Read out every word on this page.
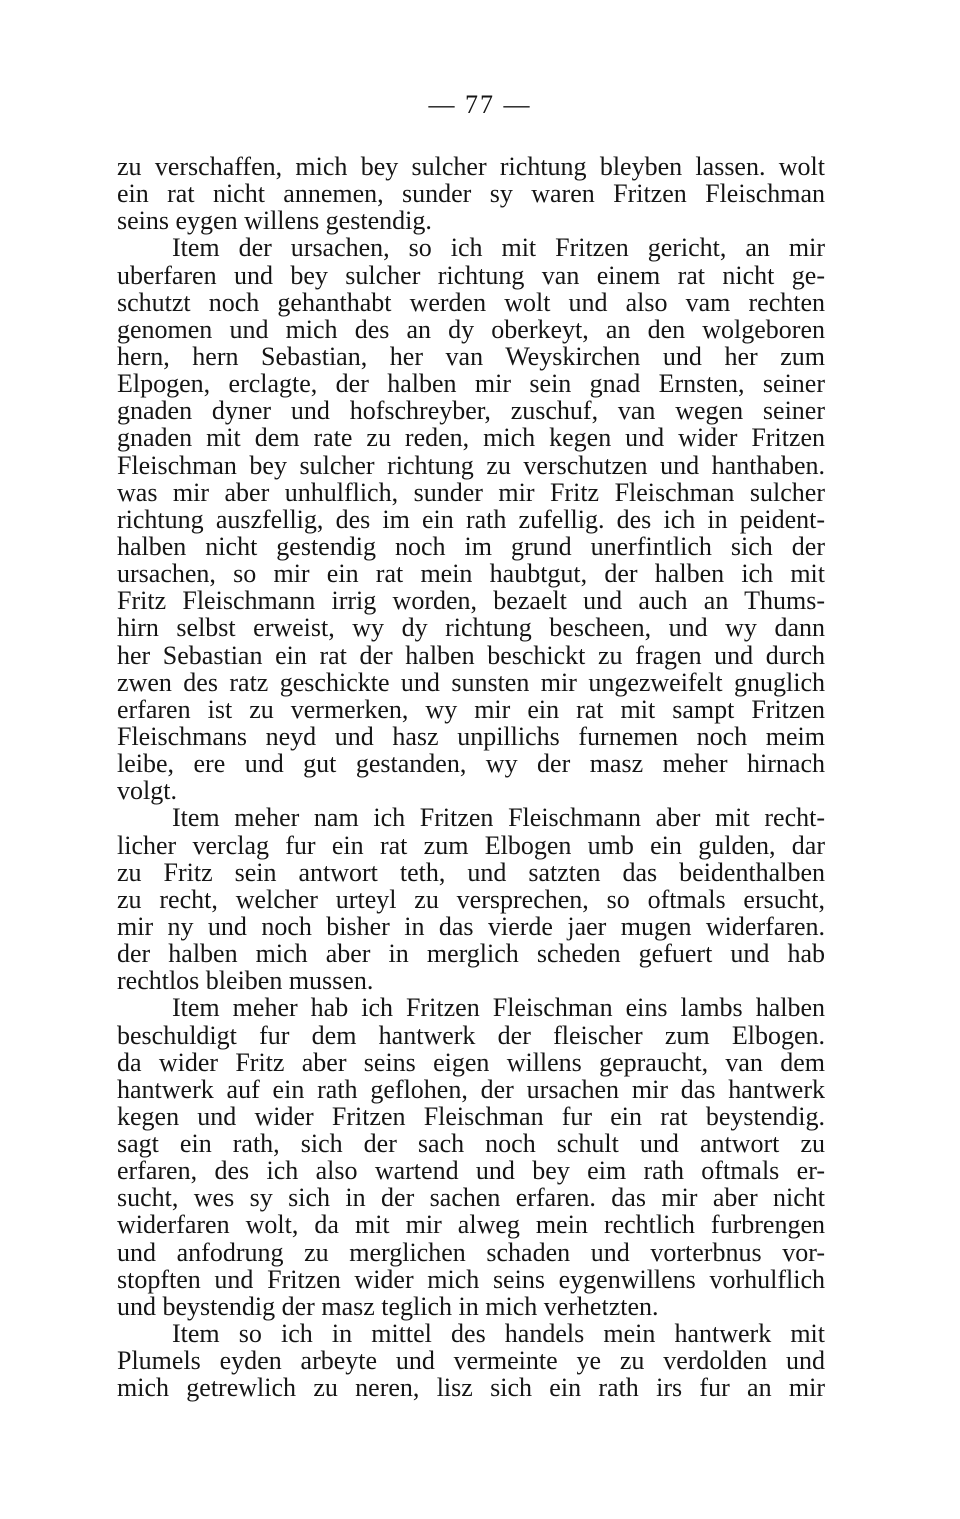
— 77 —
zu verschaffen, mich bey sulcher richtung bleyben lassen. wolt
ein rat nicht annemen, sunder sy waren Fritzen Fleischman
seins eygen willens gestendig.
Item der ursachen, so ich mit Fritzen gericht, an mir
uberfaren und bey sulcher richtung van einem rat nicht ge-
schutzt noch gehanthabt werden wolt und also vam rechten
genomen und mich des an dy oberkeyt, an den wolgeboren
hern, hern Sebastian, her van Weyskirchen und her zum
Elpogen, erclagte, der halben mir sein gnad Ernsten, seiner
gnaden dyner und hofschreyber, zuschuf, van wegen seiner
gnaden mit dem rate zu reden, mich kegen und wider Fritzen
Fleischman bey sulcher richtung zu verschutzen und hanthaben.
was mir aber unhulflich, sunder mir Fritz Fleischman sulcher
richtung auszfellig, des im ein rath zufellig. des ich in peident-
halben nicht gestendig noch im grund unerfintlich sich der
ursachen, so mir ein rat mein haubtgut, der halben ich mit
Fritz Fleischmann irrig worden, bezaelt und auch an Thums-
hirn selbst erweist, wy dy richtung bescheen, und wy dann
her Sebastian ein rat der halben beschickt zu fragen und durch
zwen des ratz geschickte und sunsten mir ungezweifelt gnuglich
erfaren ist zu vermerken, wy mir ein rat mit sampt Fritzen
Fleischmans neyd und hasz unpillichs furnemen noch meim
leibe, ere und gut gestanden, wy der masz meher hirnach
volgt.
Item meher nam ich Fritzen Fleischmann aber mit recht-
licher verclag fur ein rat zum Elbogen umb ein gulden, dar
zu Fritz sein antwort teth, und satzten das beidenthalben
zu recht, welcher urteyl zu versprechen, so oftmals ersucht,
mir ny und noch bisher in das vierde jaer mugen widerfaren.
der halben mich aber in merglich scheden gefuert und hab
rechtlos bleiben mussen.
Item meher hab ich Fritzen Fleischman eins lambs halben
beschuldigt fur dem hantwerk der fleischer zum Elbogen.
da wider Fritz aber seins eigen willens gepraucht, van dem
hantwerk auf ein rath geflohen, der ursachen mir das hantwerk
kegen und wider Fritzen Fleischman fur ein rat beystendig.
sagt ein rath, sich der sach noch schult und antwort zu
erfaren, des ich also wartend und bey eim rath oftmals er-
sucht, wes sy sich in der sachen erfaren. das mir aber nicht
widerfaren wolt, da mit mir alweg mein rechtlich furbrengen
und anfodrung zu merglichen schaden und vorterbnus vor-
stopften und Fritzen wider mich seins eygenwillens vorhulflich
und beystendig der masz teglich in mich verhetzten.
Item so ich in mittel des handels mein hantwerk mit
Plumels eyden arbeyte und vermeinte ye zu verdolden und
mich getrewlich zu neren, lisz sich ein rath irs fur an mir
